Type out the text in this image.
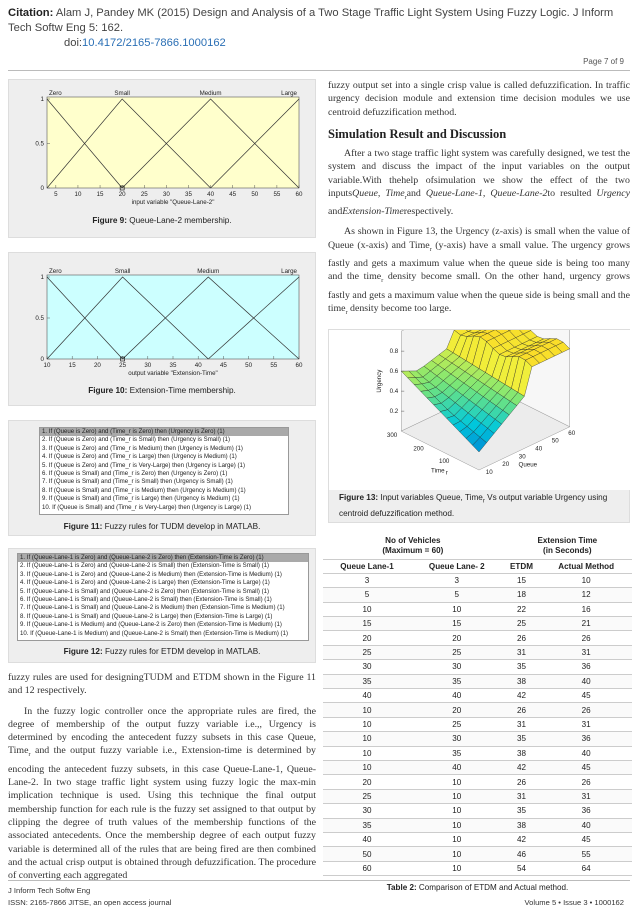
Citation: Alam J, Pandey MK (2015) Design and Analysis of a Two Stage Traffic Light System Using Fuzzy Logic. J Inform Tech Softw Eng 5: 162.
doi:10.4172/2165-7866.1000162
Page 7 of 9
1
0.5
0
5	10 15 20 25 30 35 40 45 50 55 60
input variable "Queue-Lane-2"
Zero	Small	Medium	Large
Figure 9: Queue-Lane-2 membership.
1
0.5
0
10	15	20	25	30	35	40	45	50	55	60
output variable "Extension-Time"
Zero	Small	Medium	Large
Figure 10: Extension-Time membership.
1. If (Queue is Zero) and (Time_r is Zero) then (Urgency is Zero) (1)
2. If (Queue is Zero) and (Time_r is Small) then (Urgency is Small) (1)
3. If (Queue is Zero) and (Time_r is Medium) then (Urgency is Medium) (1)
4. If (Queue is Zero) and (Time_r is Large) then (Urgency is Medium) (1)
5. If (Queue is Zero) and (Time_r is Very-Large) then (Urgency is Large) (1)
6. If (Queue is Small) and (Time_r is Zero) then (Urgency is Zero) (1)
7. If (Queue is Small) and (Time_r is Small) then (Urgency is Small) (1)
8. If (Queue is Small) and (Time_r is Medium) then (Urgency is Medium) (1)
9. If (Queue is Small) and (Time_r is Large) then (Urgency is Medium) (1)
10. If (Queue is Small) and (Time_r is Very-Large) then (Urgency is Large) (1)
Figure 11: Fuzzy rules for TUDM develop in MATLAB.
1. If (Queue-Lane-1 is Zero) and (Queue-Lane-2 is Zero) then (Extension-Time is Zero) (1)
2. If (Queue-Lane-1 is Zero) and (Queue-Lane-2 is Small) then (Extension-Time is Small) (1)
3. If (Queue-Lane-1 is Zero) and (Queue-Lane-2 is Medium) then (Extension-Time is Medium) (1)
4. If (Queue-Lane-1 is Zero) and (Queue-Lane-2 is Large) then (Extension-Time is Large) (1)
5. If (Queue-Lane-1 is Small) and (Queue-Lane-2 is Zero) then (Extension-Time is Small) (1)
6. If (Queue-Lane-1 is Small) and (Queue-Lane-2 is Small) then (Extension-Time is Small) (1)
7. If (Queue-Lane-1 is Small) and (Queue-Lane-2 is Medium) then (Extension-Time is Medium) (1)
8. If (Queue-Lane-1 is Small) and (Queue-Lane-2 is Large) then (Extension-Time is Large) (1)
9. If (Queue-Lane-1 is Medium) and (Queue-Lane-2 is Zero) then (Extension-Time is Medium) (1)
10. If (Queue-Lane-1 is Medium) and (Queue-Lane-2 is Small) then (Extension-Time is Medium) (1)
Figure 12: Fuzzy rules for ETDM develop in MATLAB.

fuzzy rules are used for designingTUDM and ETDM shown in the Figure 11 and 12 respectively.

In the fuzzy logic controller once the appropriate rules are fired, the degree of membership of the output fuzzy variable i.e.,, Urgency is determined by encoding the antecedent fuzzy subsets in this case Queue, Time$_r$ and the output fuzzy variable i.e., Extension-time is determined by encoding the antecedent fuzzy subsets, in this case Queue-Lane-1, Queue-Lane-2. In two stage traffic light system using fuzzy logic the max-min implication technique is used. Using this technique the final output membership function for each rule is the fuzzy set assigned to that output by clipping the degree of truth values of the membership functions of the associated antecedents. Once the membership degree of each output fuzzy variable is determined all of the rules that are being fired are then combined and the actual crisp output is obtained through defuzzification. The procedure of converting each aggregated

fuzzy output set into a single crisp value is called defuzzification. In traffic urgency decision module and extension time decision modules we use centroid defuzzification method.

Simulation Result and Discussion

After a two stage traffic light system was carefully designed, we test the system and discuss the impact of the input variables on the output variable.With thehelp ofsimulation we show the effect of the two inputsQueue, Time$_r$and Queue-Lane-1, Queue-Lane-2to resulted Urgency andExtension-Timerespectively.

As shown in Figure 13, the Urgency (z-axis) is small when the value of Queue (x-axis) and Time$_r$ (y-axis) have a small value. The urgency grows fastly and gets a maximum value when the queue side is being too many and the time$_r$ density become small. On the other hand, urgency grows fastly and gets a maximum value when the queue side is being small and the time$_r$ density become too large.

0.8
0.6
0.4
0.2
Urgency
300
200
100
Time r	10
20
30
40
50
60
Queue
Figure 13: Input variables Queue, Time$_r$ Vs output variable Urgency using centroid defuzzification method.
No of Vehicles
(Maximum = 60)		Extension Time
(in Seconds)	
Queue Lane-1	Queue Lane- 2	ETDM	Actual Method
3	3	15	10
5	5	18	12
10	10	22	16
15	15	25	21
20	20	26	26
25	25	31	31
30	30	35	36
35	35	38	40
40	40	42	45
10	20	26	26
10	25	31	31
10	30	35	36
10	35	38	40
10	40	42	45
20	10	26	26
25	10	31	31
30	10	35	36
35	10	38	40
40	10	42	45
50	10	46	55
60	10	54	64
Table 2: Comparison of ETDM and Actual method.
J Inform Tech Softw Eng
ISSN: 2165-7866 JITSE, an open access journal	Volume 5 • Issue 3 • 1000162
